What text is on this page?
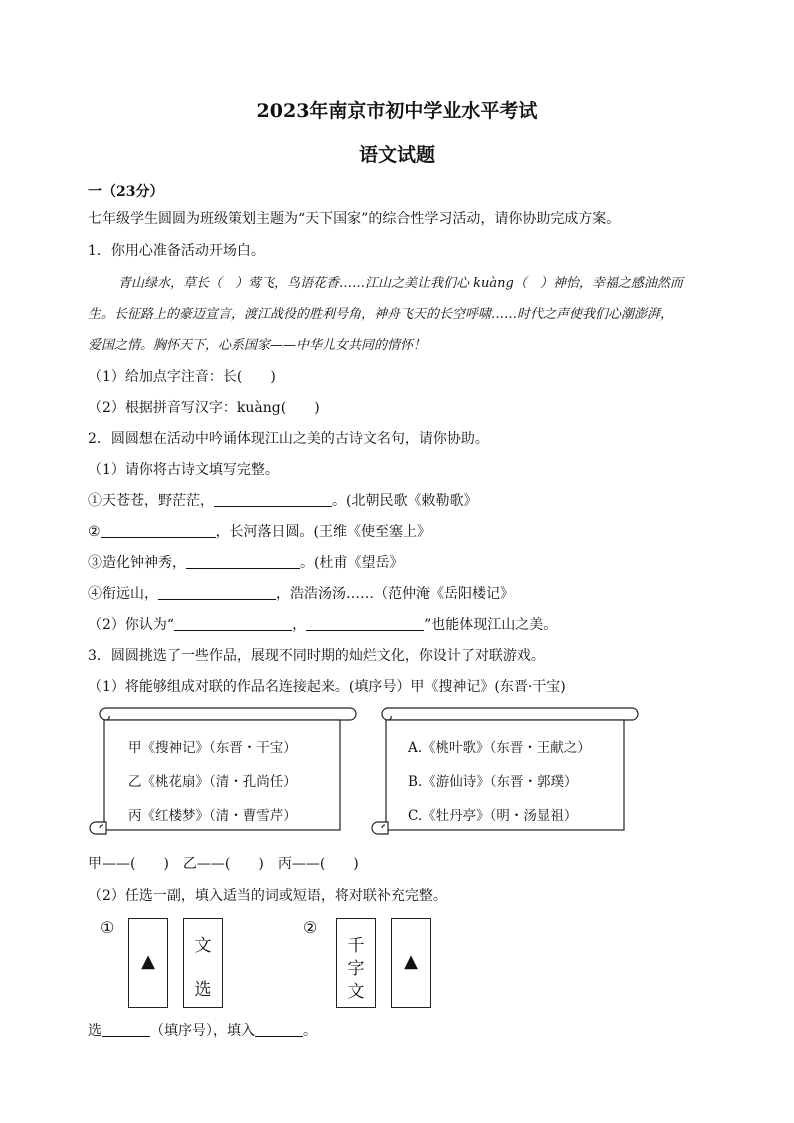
2023年南京市初中学业水平考试
语文试题
一（23分）
七年级学生圆圆为班级策划主题为“天下国家”的综合性学习活动，请你协助完成方案。
1．你用心准备活动开场白。
青山绿水，草长（　）莺飞，鸟语花香……江山之美让我们心 kuàng（　）神怡，幸福之感油然而
生。长征路上的豪迈宣言，渡江战役的胜利号角，神舟飞天的长空呼啸……时代之声使我们心潮澎湃，
爱国之情。胸怀天下，心系国家——中华儿女共同的情怀！
（1）给加点字注音：长(　　)
（2）根据拼音写汉字：kuàng(　　)
2．圆圆想在活动中吟诵体现江山之美的古诗文名句，请你协助。
（1）请你将古诗文填写完整。
①天苍苍，野茫茫，	。(北朝民歌《敕勒歌》
②	，长河落日圆。(王维《使至塞上》
③造化钟神秀，	。(杜甫《望岳》
④衔远山，	，浩浩汤汤……（范仲淹《岳阳楼记》
（2）你认为“	，	”也能体现江山之美。
3．圆圆挑选了一些作品，展现不同时期的灿烂文化，你设计了对联游戏。
（1）将能够组成对联的作品名连接起来。(填序号）甲《搜神记》(东晋·干宝)
甲《搜神记》（东晋・干宝）
乙《桃花扇》（清・孔尚任）
丙《红楼梦》（清・曹雪芹）
A.《桃叶歌》（东晋・王献之）
B.《游仙诗》（东晋・郭璞）
C.《牡丹亭》（明・汤显祖）
甲——(　　)　乙——(　　)　丙——(　　)
（2）任选一副，填入适当的词或短语，将对联补充完整。
①
▲
文
选
②
千
字
文
▲
选	（填序号），填入	。
